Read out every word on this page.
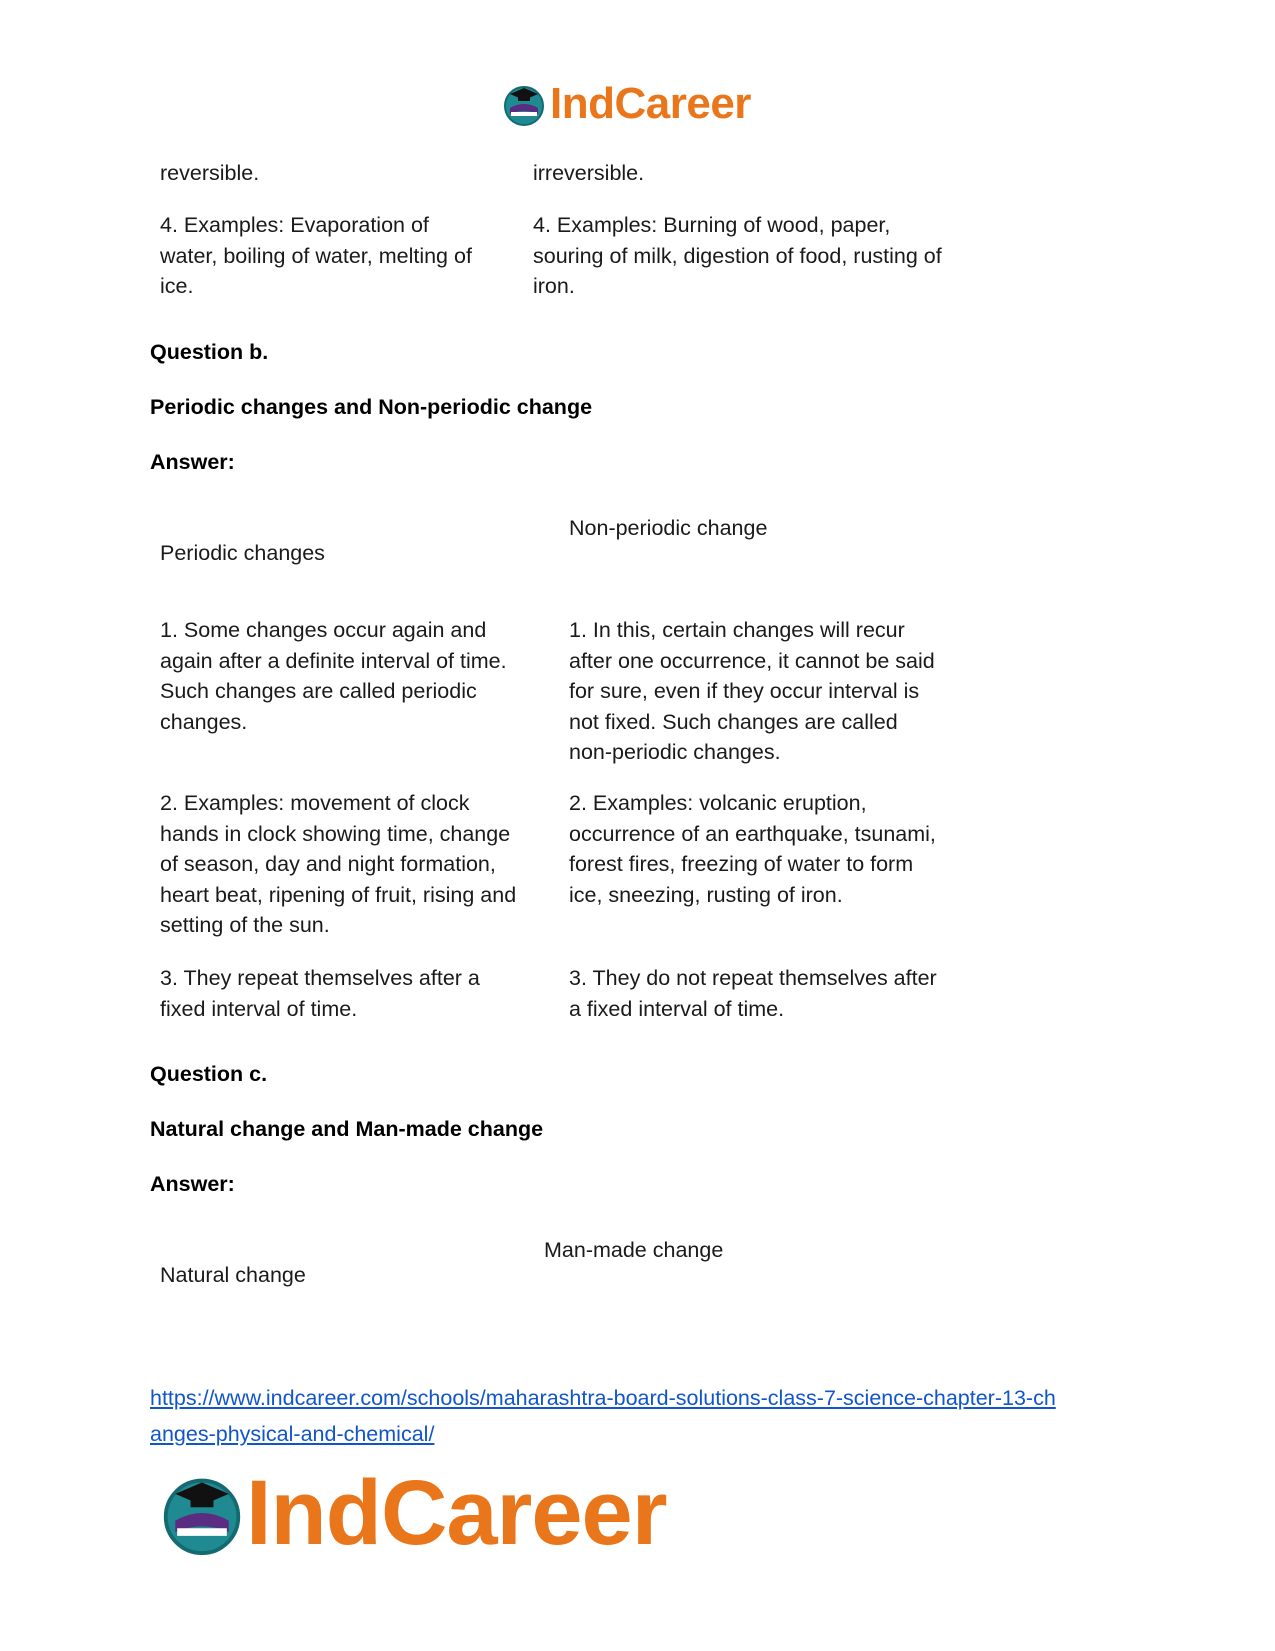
IndCareer
reversible.	irreversible.
4. Examples: Evaporation of
water, boiling of water, melting of
ice.
4. Examples: Burning of wood, paper,
souring of milk, digestion of food, rusting of
iron.
Question b.
Periodic changes and Non-periodic change
Answer:
Non-periodic change
Periodic changes
1. Some changes occur again and
again after a definite interval of time.
Such changes are called periodic
changes.
1. In this, certain changes will recur
after one occurrence, it cannot be said
for sure, even if they occur interval is
not fixed. Such changes are called
non-periodic changes.
2. Examples: movement of clock
hands in clock showing time, change
of season, day and night formation,
heart beat, ripening of fruit, rising and
setting of the sun.
2. Examples: volcanic eruption,
occurrence of an earthquake, tsunami,
forest fires, freezing of water to form
ice, sneezing, rusting of iron.
3. They repeat themselves after a
fixed interval of time.
3. They do not repeat themselves after
a fixed interval of time.
Question c.
Natural change and Man-made change
Answer:
Man-made change
Natural change
https://www.indcareer.com/schools/maharashtra-board-solutions-class-7-science-chapter-13-ch
anges-physical-and-chemical/
IndCareer
